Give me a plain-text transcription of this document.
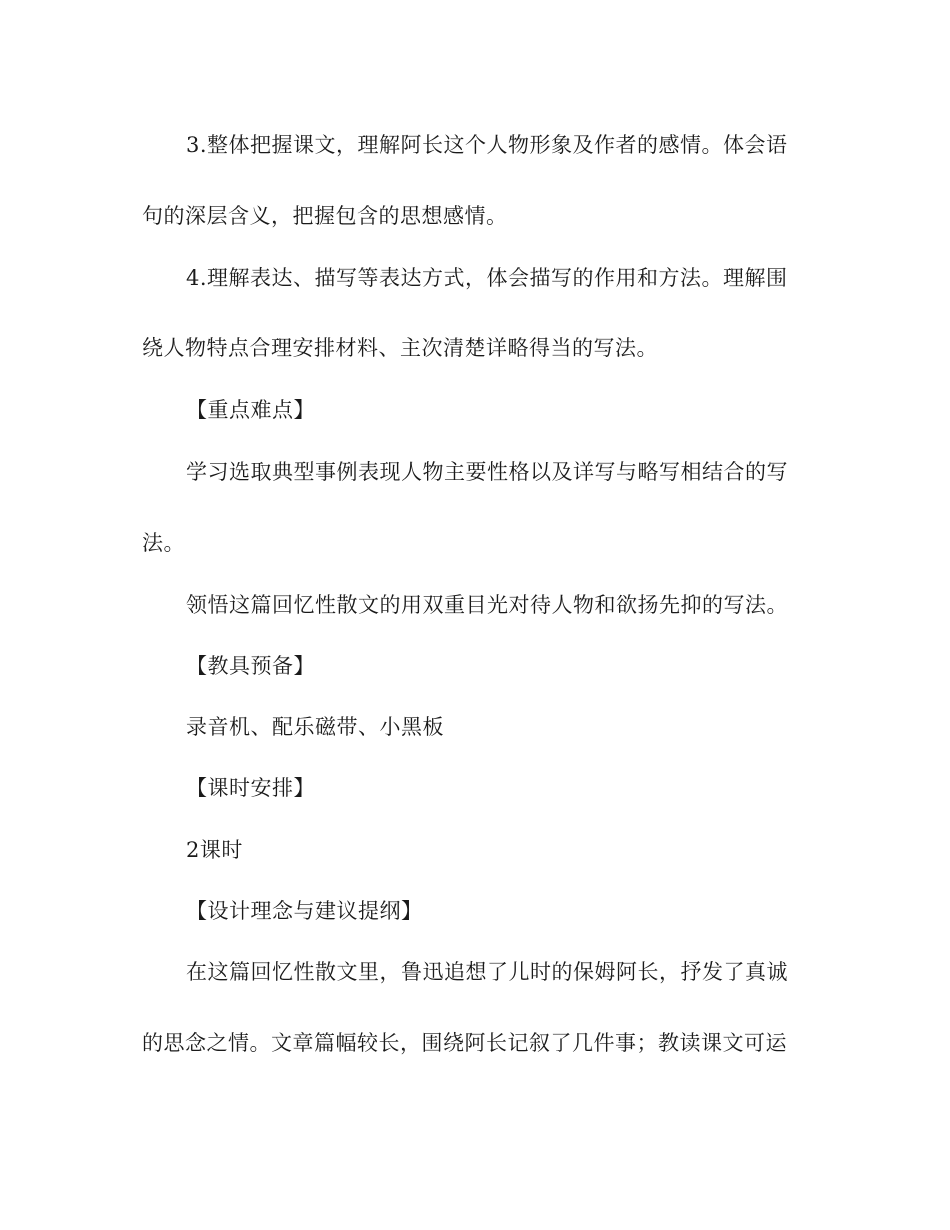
3.整体把握课文，理解阿长这个人物形象及作者的感情。体会语
句的深层含义，把握包含的思想感情。
4.理解表达、描写等表达方式，体会描写的作用和方法。理解围
绕人物特点合理安排材料、主次清楚详略得当的写法。
【重点难点】
学习选取典型事例表现人物主要性格以及详写与略写相结合的写
法。
领悟这篇回忆性散文的用双重目光对待人物和欲扬先抑的写法。
【教具预备】
录音机、配乐磁带、小黑板
【课时安排】
2课时
【设计理念与建议提纲】
在这篇回忆性散文里，鲁迅追想了儿时的保姆阿长，抒发了真诚
的思念之情。文章篇幅较长，围绕阿长记叙了几件事；教读课文可运
